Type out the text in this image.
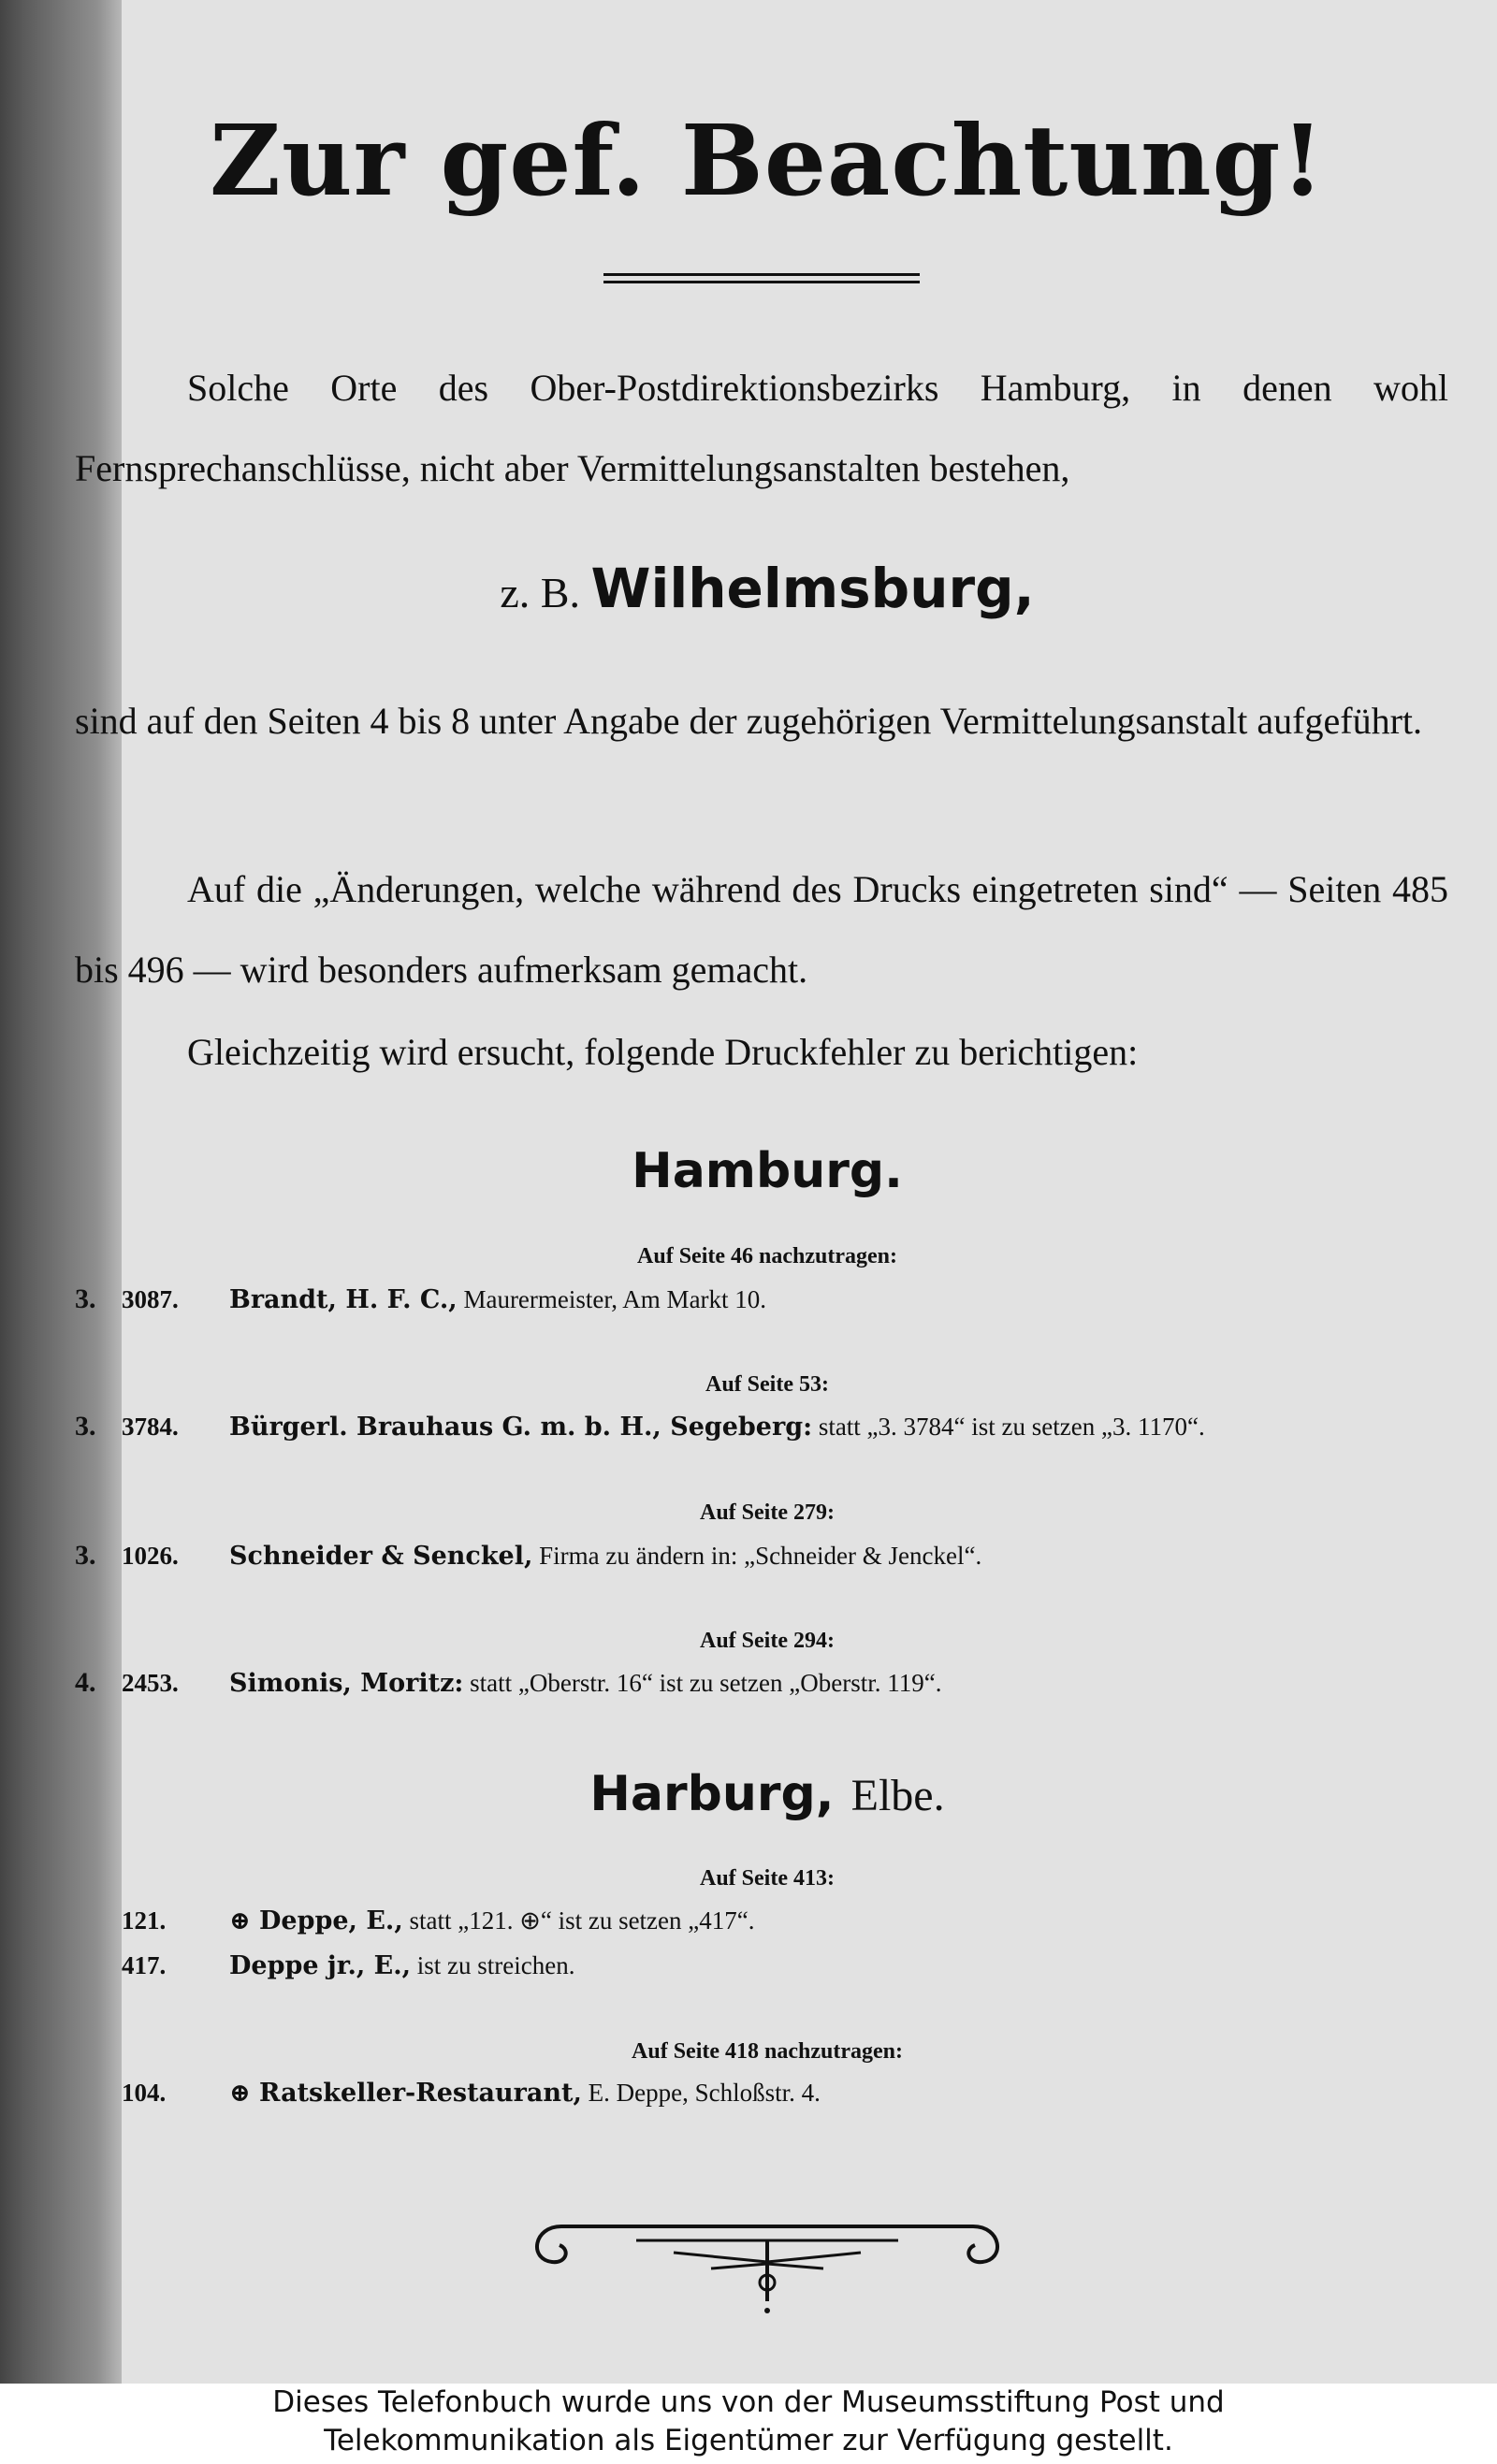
Zur gef. Beachtung!
Solche Orte des Ober-Postdirektionsbezirks Hamburg, in denen wohl Fernsprechanschlüsse, nicht aber Vermittelungsanstalten bestehen,
z. B. Wilhelmsburg,
sind auf den Seiten 4 bis 8 unter Angabe der zugehörigen Vermittelungsanstalt aufgeführt.
Auf die „Änderungen, welche während des Drucks eingetreten sind“ — Seiten 485 bis 496 — wird besonders aufmerksam gemacht.
Gleichzeitig wird ersucht, folgende Druckfehler zu berichtigen:
Hamburg.
Auf Seite 46 nachzutragen:
3. 3087. Brandt, H. F. C., Maurermeister, Am Markt 10.
Auf Seite 53:
3. 3784. Bürgerl. Brauhaus G. m. b. H., Segeberg: statt „3. 3784“ ist zu setzen „3. 1170“.
Auf Seite 279:
3. 1026. Schneider & Senckel, Firma zu ändern in: „Schneider & Jenckel“.
Auf Seite 294:
4. 2453. Simonis, Moritz: statt „Oberstr. 16“ ist zu setzen „Oberstr. 119“.
Harburg, Elbe.
Auf Seite 413:
121.	⊕ Deppe, E., statt „121. ⊕“ ist zu setzen „417“.
417.	Deppe jr., E., ist zu streichen.
Auf Seite 418 nachzutragen:
104.	⊕ Ratskeller-Restaurant, E. Deppe, Schloßstr. 4.
Dieses Telefonbuch wurde uns von der Museumsstiftung Post und
Telekommunikation als Eigentümer zur Verfügung gestellt.
